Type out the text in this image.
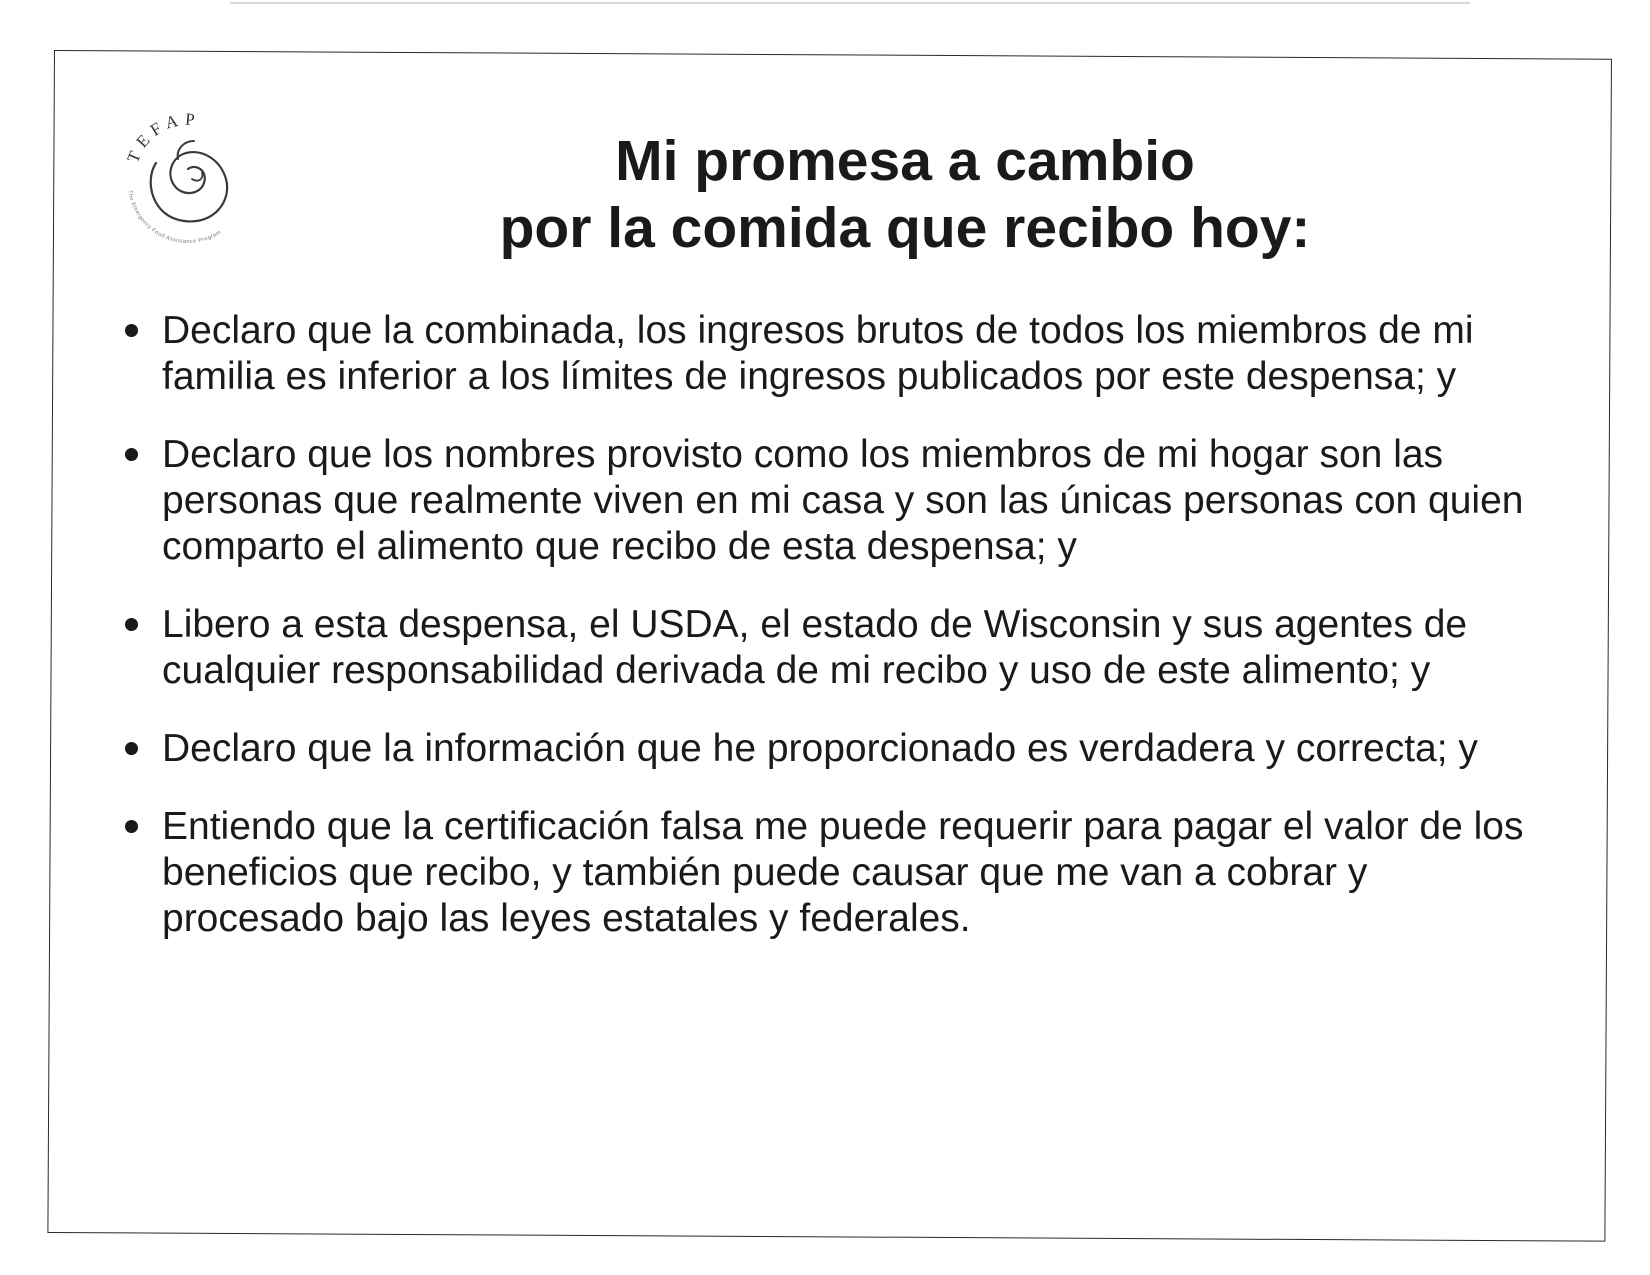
TEFAP
The Emergency Food Assistance Program
Mi promesa a cambio
por la comida que recibo hoy:
Declaro que la combinada, los ingresos brutos de todos los miembros de mi familia es inferior a los límites de ingresos publicados por este despensa; y
Declaro que los nombres provisto como los miembros de mi hogar son las personas que realmente viven en mi casa y son las únicas personas con quien comparto el alimento que recibo de esta despensa; y
Libero a esta despensa, el USDA, el estado de Wisconsin y sus agentes de cualquier responsabilidad derivada de mi recibo y uso de este alimento; y
Declaro que la información que he proporcionado es verdadera y correcta; y
Entiendo que la certificación falsa me puede requerir para pagar el valor de los beneficios que recibo, y también puede causar que me van a cobrar y procesado bajo las leyes estatales y federales.
